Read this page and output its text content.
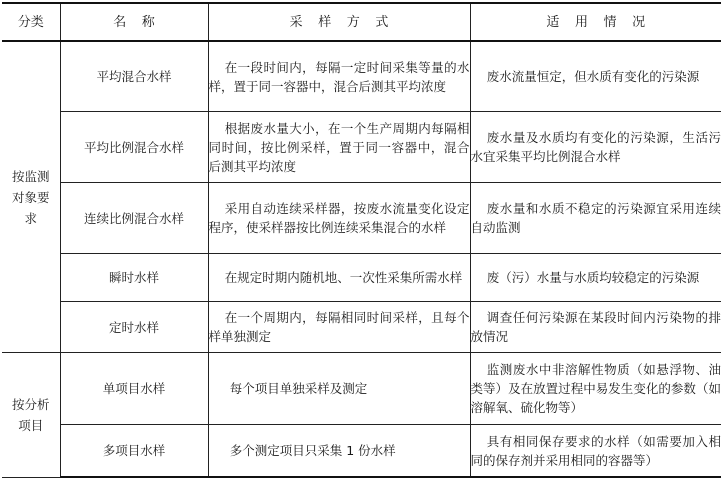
分类	名称	采样方式	适用情况
按监测对象要求	平均混合水样	在一段时间内，每隔一定时间采集等量的水样，置于同一容器中，混合后测其平均浓度	废水流量恒定，但水质有变化的污染源

	平均比例混合水样	根据废水量大小，在一个生产周期内每隔相同时间，按比例采样，置于同一容器中，混合后测其平均浓度	废水量及水质均有变化的污染源，生活污水宜采集平均比例混合水样

	连续比例混合水样	采用自动连续采样器，按废水流量变化设定程序，使采样器按比例连续采集混合的水样	废水量和水质不稳定的污染源宜采用连续自动监测

	瞬时水样	在规定时期内随机地、一次性采集所需水样	废（污）水量与水质均较稳定的污染源

	定时水样	在一个周期内，每隔相同时间采样，且每个样单独测定	调查任何污染源在某段时间内污染物的排放情况

按分析项目	单项目水样	每个项目单独采样及测定	监测废水中非溶解性物质（如悬浮物、油类等）及在放置过程中易发生变化的参数（如溶解氧、硫化物等）

	多项目水样	多个测定项目只采集 1 份水样	具有相同保存要求的水样（如需要加入相同的保存剂并采用相同的容器等）
